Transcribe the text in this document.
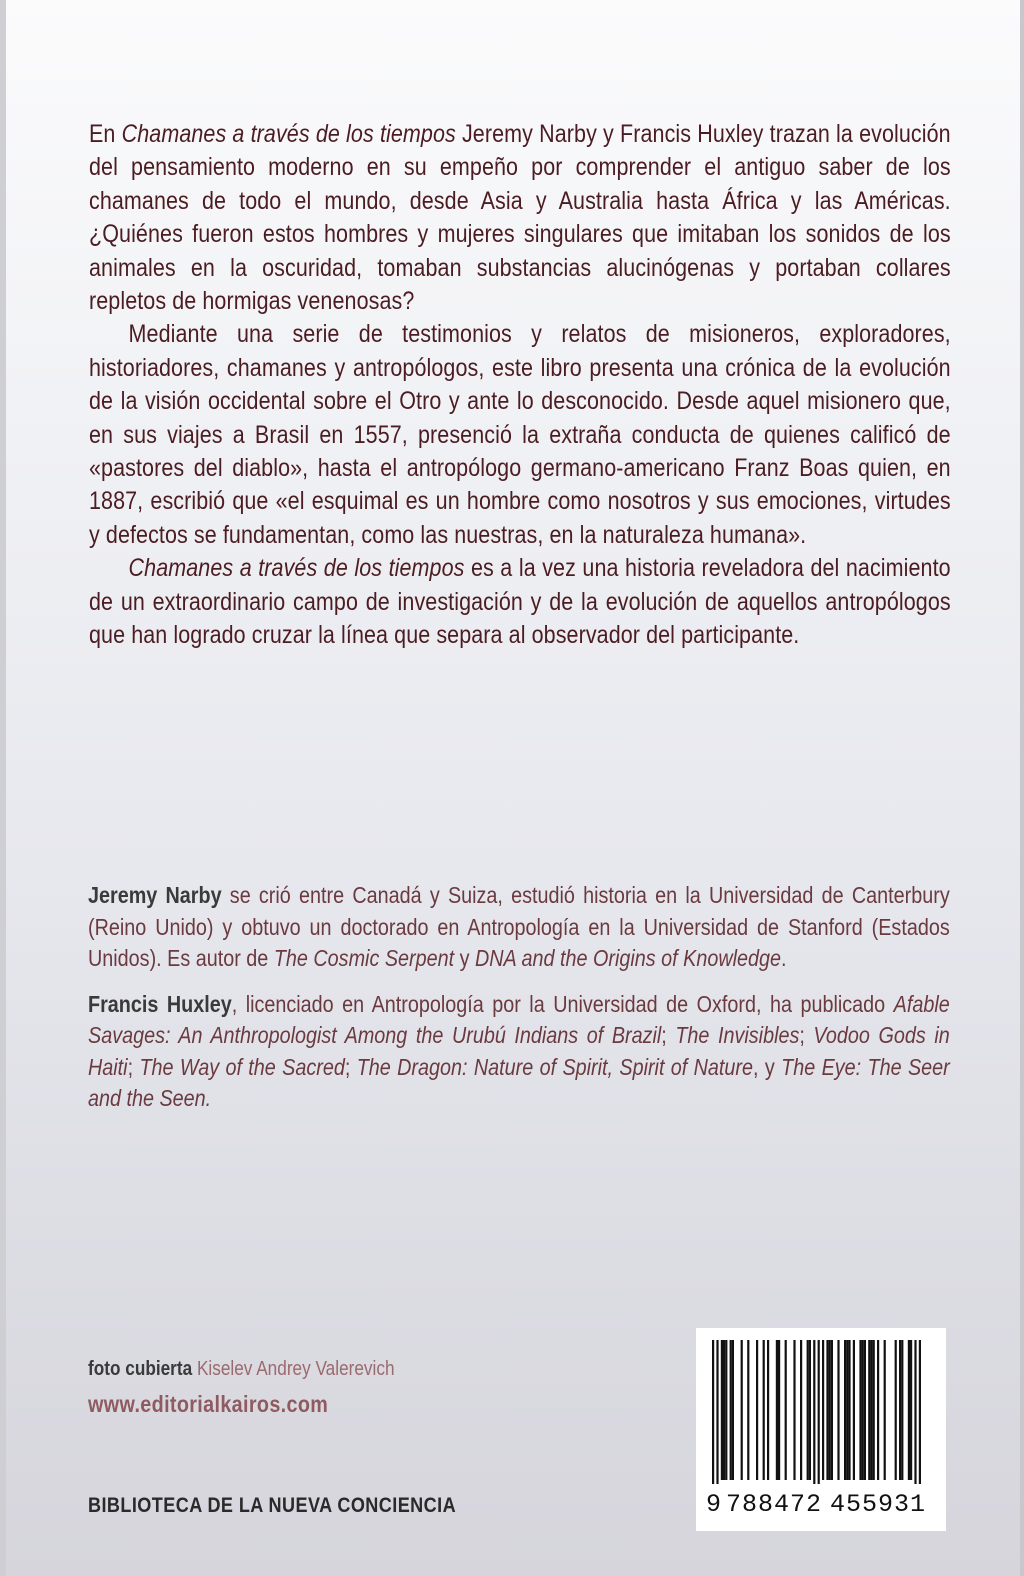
En Chamanes a través de los tiempos Jeremy Narby y Francis Huxley trazan la evolución del pensamiento moderno en su empeño por comprender el antiguo saber de los chamanes de todo el mundo, desde Asia y Australia hasta África y las Américas. ¿Quiénes fueron estos hombres y mujeres singulares que imitaban los sonidos de los animales en la oscuridad, tomaban substancias alucinógenas y portaban collares repletos de hormigas venenosas?

Mediante una serie de testimonios y relatos de misioneros, exploradores, historiadores, chamanes y antropólogos, este libro presenta una crónica de la evolución de la visión occidental sobre el Otro y ante lo desconocido. Desde aquel misionero que, en sus viajes a Brasil en 1557, presenció la extraña conducta de quienes calificó de «pastores del diablo», hasta el antropólogo germano-americano Franz Boas quien, en 1887, escribió que «el esquimal es un hombre como nosotros y sus emociones, virtudes y defectos se fundamentan, como las nuestras, en la naturaleza humana».

Chamanes a través de los tiempos es a la vez una historia reveladora del nacimiento de un extraordinario campo de investigación y de la evolución de aquellos antropólogos que han logrado cruzar la línea que separa al observador del participante.

Jeremy Narby se crió entre Canadá y Suiza, estudió historia en la Universidad de Canterbury (Reino Unido) y obtuvo un doctorado en Antropología en la Universidad de Stanford (Estados Unidos). Es autor de The Cosmic Serpent y DNA and the Origins of Knowledge.

Francis Huxley, licenciado en Antropología por la Universidad de Oxford, ha publicado Afable Savages: An Anthropologist Among the Urubú Indians of Brazil; The Invisibles; Vodoo Gods in Haiti; The Way of the Sacred; The Dragon: Nature of Spirit, Spirit of Nature, y The Eye: The Seer and the Seen.

foto cubierta Kiselev Andrey Valerevich
www.editorialkairos.com
BIBLIOTECA DE LA NUEVA CONCIENCIA	9 788472 455931
